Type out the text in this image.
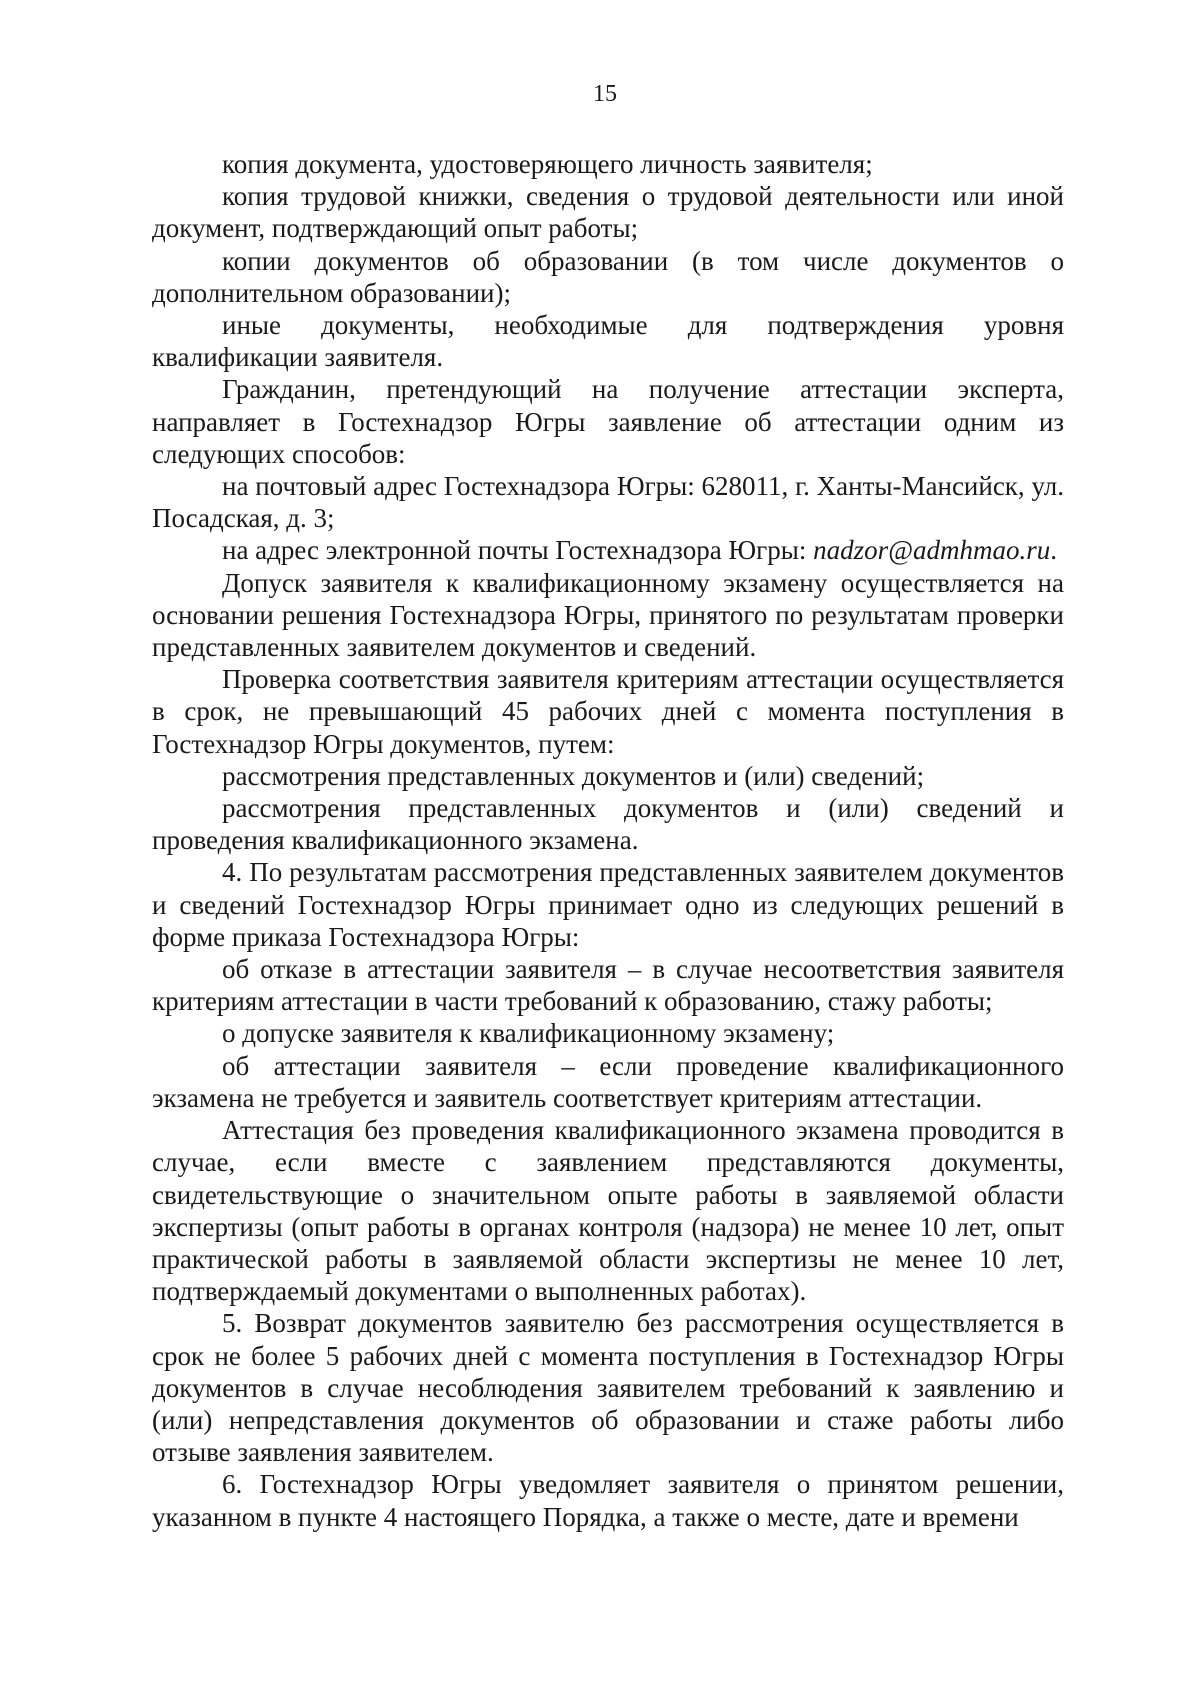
15

копия документа, удостоверяющего личность заявителя;

копия трудовой книжки, сведения о трудовой деятельности или иной документ, подтверждающий опыт работы;

копии документов об образовании (в том числе документов о дополнительном образовании);

иные документы, необходимые для подтверждения уровня квалификации заявителя.

Гражданин, претендующий на получение аттестации эксперта, направляет в Гостехнадзор Югры заявление об аттестации одним из следующих способов:

на почтовый адрес Гостехнадзора Югры: 628011, г. Ханты-Мансийск, ул. Посадская, д. 3;

на адрес электронной почты Гостехнадзора Югры: nadzor@admhmao.ru.

Допуск заявителя к квалификационному экзамену осуществляется на основании решения Гостехнадзора Югры, принятого по результатам проверки представленных заявителем документов и сведений.

Проверка соответствия заявителя критериям аттестации осуществляется в срок, не превышающий 45 рабочих дней с момента поступления в Гостехнадзор Югры документов, путем:

рассмотрения представленных документов и (или) сведений;

рассмотрения представленных документов и (или) сведений и проведения квалификационного экзамена.

4. По результатам рассмотрения представленных заявителем документов и сведений Гостехнадзор Югры принимает одно из следующих решений в форме приказа Гостехнадзора Югры:

об отказе в аттестации заявителя – в случае несоответствия заявителя критериям аттестации в части требований к образованию, стажу работы;

о допуске заявителя к квалификационному экзамену;

об аттестации заявителя – если проведение квалификационного экзамена не требуется и заявитель соответствует критериям аттестации.

Аттестация без проведения квалификационного экзамена проводится в случае, если вместе с заявлением представляются документы, свидетельствующие о значительном опыте работы в заявляемой области экспертизы (опыт работы в органах контроля (надзора) не менее 10 лет, опыт практической работы в заявляемой области экспертизы не менее 10 лет, подтверждаемый документами о выполненных работах).

5. Возврат документов заявителю без рассмотрения осуществляется в срок не более 5 рабочих дней с момента поступления в Гостехнадзор Югры документов в случае несоблюдения заявителем требований к заявлению и (или) непредставления документов об образовании и стаже работы либо отзыве заявления заявителем.

6. Гостехнадзор Югры уведомляет заявителя о принятом решении, указанном в пункте 4 настоящего Порядка, а также о месте, дате и времени
